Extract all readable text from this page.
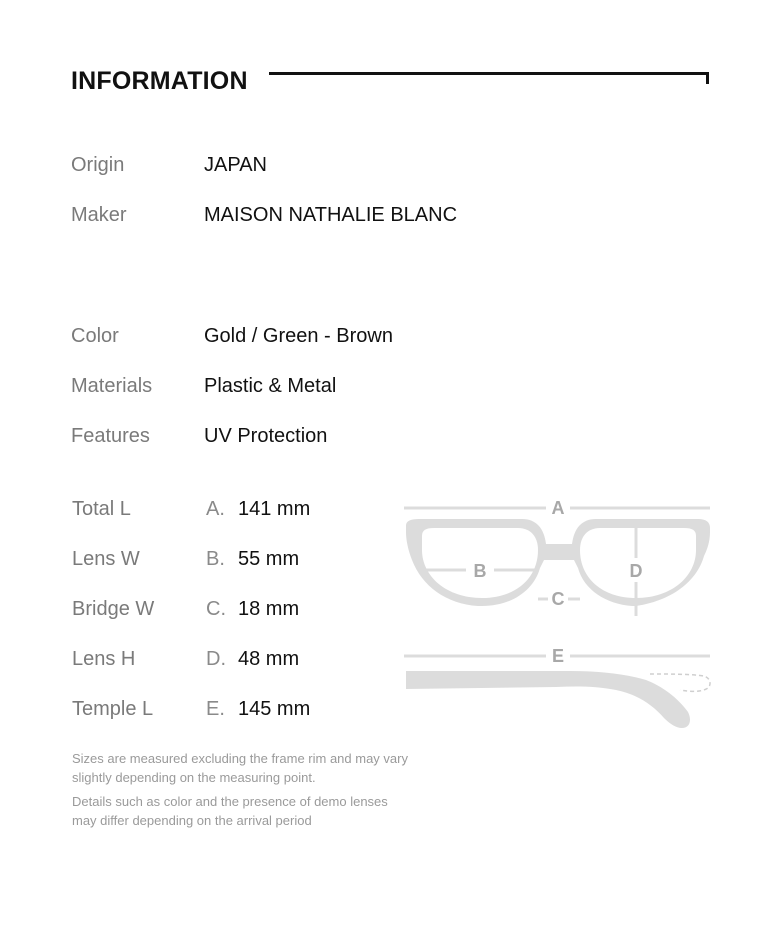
INFORMATION
Origin	JAPAN
Maker	MAISON NATHALIE BLANC
Color	Gold / Green - Brown
Materials	Plastic & Metal
Features	UV Protection
Total L	A. 141 mm
Lens W	B. 55 mm
Bridge W	C. 18 mm
Lens H	D. 48 mm
Temple L	E. 145 mm
A
B
C
D
E

Sizes are measured excluding the frame rim and may vary slightly depending on the measuring point.

Details such as color and the presence of demo lenses may differ depending on the arrival period
